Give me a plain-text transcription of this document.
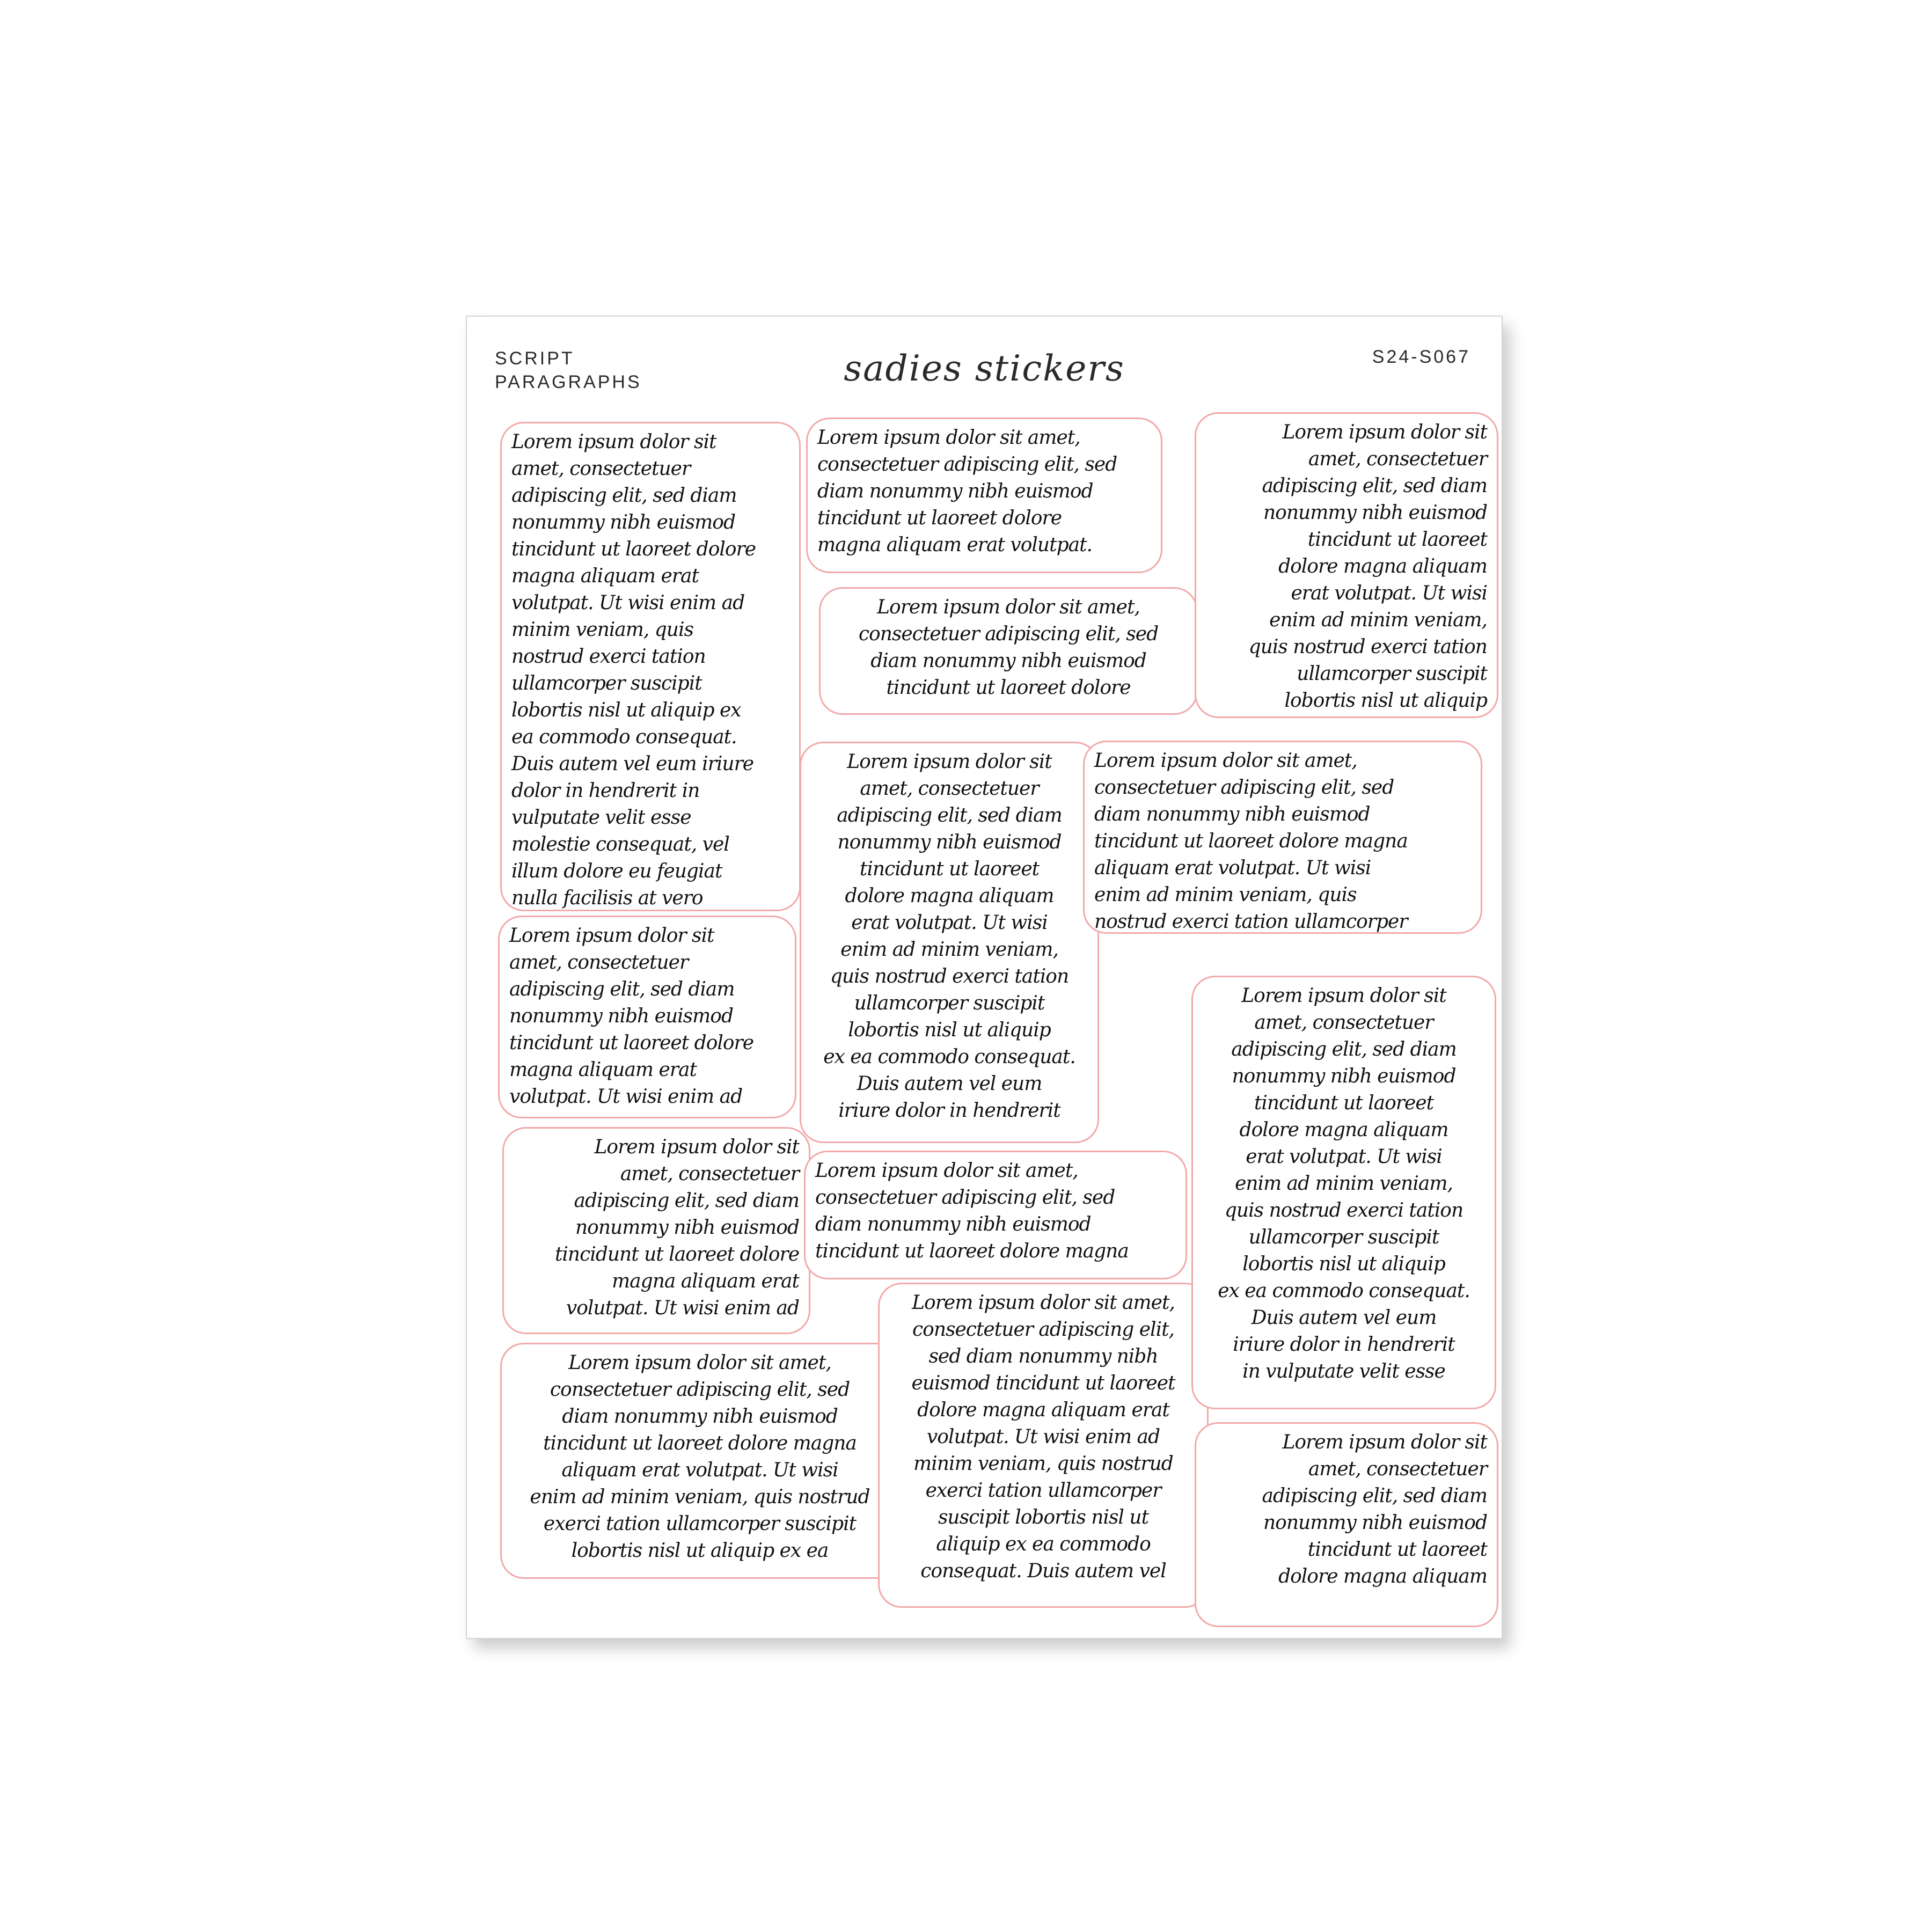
SCRIPT
PARAGRAPHS	sadies stickers	S24-S067
Lorem ipsum dolor sit
amet, consectetuer
adipiscing elit, sed diam
nonummy nibh euismod
tincidunt ut laoreet dolore
magna aliquam erat
volutpat. Ut wisi enim ad
minim veniam, quis
nostrud exerci tation
ullamcorper suscipit
lobortis nisl ut aliquip ex
ea commodo consequat.
Duis autem vel eum iriure
dolor in hendrerit in
vulputate velit esse
molestie consequat, vel
illum dolore eu feugiat
nulla facilisis at vero
Lorem ipsum dolor sit
amet, consectetuer
adipiscing elit, sed diam
nonummy nibh euismod
tincidunt ut laoreet dolore
magna aliquam erat
volutpat. Ut wisi enim ad
Lorem ipsum dolor sit
amet, consectetuer
adipiscing elit, sed diam
nonummy nibh euismod
tincidunt ut laoreet dolore
magna aliquam erat
volutpat. Ut wisi enim ad
Lorem ipsum dolor sit amet,
consectetuer adipiscing elit, sed
diam nonummy nibh euismod
tincidunt ut laoreet dolore magna
aliquam erat volutpat. Ut wisi
enim ad minim veniam, quis nostrud
exerci tation ullamcorper suscipit
lobortis nisl ut aliquip ex ea
Lorem ipsum dolor sit amet,
consectetuer adipiscing elit, sed
diam nonummy nibh euismod
tincidunt ut laoreet dolore
magna aliquam erat volutpat.
Lorem ipsum dolor sit amet,
consectetuer adipiscing elit, sed
diam nonummy nibh euismod
tincidunt ut laoreet dolore
Lorem ipsum dolor sit
amet, consectetuer
adipiscing elit, sed diam
nonummy nibh euismod
tincidunt ut laoreet
dolore magna aliquam
erat volutpat. Ut wisi
enim ad minim veniam,
quis nostrud exerci tation
ullamcorper suscipit
lobortis nisl ut aliquip
ex ea commodo consequat.
Duis autem vel eum
iriure dolor in hendrerit
Lorem ipsum dolor sit amet,
consectetuer adipiscing elit, sed
diam nonummy nibh euismod
tincidunt ut laoreet dolore magna
Lorem ipsum dolor sit amet,
consectetuer adipiscing elit,
sed diam nonummy nibh
euismod tincidunt ut laoreet
dolore magna aliquam erat
volutpat. Ut wisi enim ad
minim veniam, quis nostrud
exerci tation ullamcorper
suscipit lobortis nisl ut
aliquip ex ea commodo
consequat. Duis autem vel
Lorem ipsum dolor sit
amet, consectetuer
adipiscing elit, sed diam
nonummy nibh euismod
tincidunt ut laoreet
dolore magna aliquam
erat volutpat. Ut wisi
enim ad minim veniam,
quis nostrud exerci tation
ullamcorper suscipit
lobortis nisl ut aliquip
Lorem ipsum dolor sit amet,
consectetuer adipiscing elit, sed
diam nonummy nibh euismod
tincidunt ut laoreet dolore magna
aliquam erat volutpat. Ut wisi
enim ad minim veniam, quis
nostrud exerci tation ullamcorper
Lorem ipsum dolor sit
amet, consectetuer
adipiscing elit, sed diam
nonummy nibh euismod
tincidunt ut laoreet
dolore magna aliquam
erat volutpat. Ut wisi
enim ad minim veniam,
quis nostrud exerci tation
ullamcorper suscipit
lobortis nisl ut aliquip
ex ea commodo consequat.
Duis autem vel eum
iriure dolor in hendrerit
in vulputate velit esse
Lorem ipsum dolor sit
amet, consectetuer
adipiscing elit, sed diam
nonummy nibh euismod
tincidunt ut laoreet
dolore magna aliquam
